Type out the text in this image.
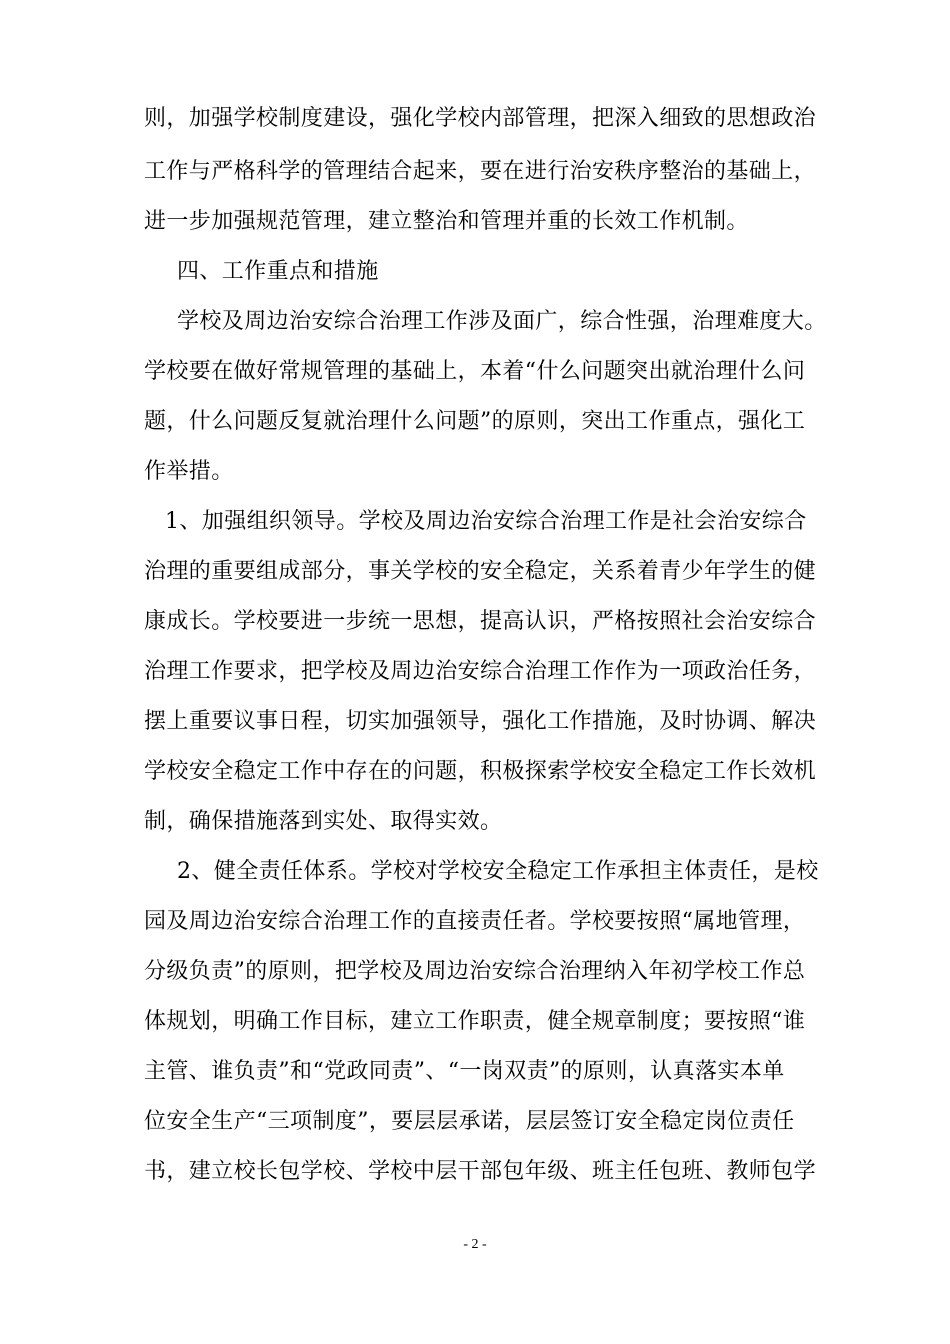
则，加强学校制度建设，强化学校内部管理，把深入细致的思想政治
工作与严格科学的管理结合起来，要在进行治安秩序整治的基础上，
进一步加强规范管理，建立整治和管理并重的长效工作机制。
四、工作重点和措施
学校及周边治安综合治理工作涉及面广，综合性强，治理难度大。
学校要在做好常规管理的基础上，本着“什么问题突出就治理什么问
题，什么问题反复就治理什么问题”的原则，突出工作重点，强化工
作举措。
1、加强组织领导。学校及周边治安综合治理工作是社会治安综合
治理的重要组成部分，事关学校的安全稳定，关系着青少年学生的健
康成长。学校要进一步统一思想，提高认识，严格按照社会治安综合
治理工作要求，把学校及周边治安综合治理工作作为一项政治任务，
摆上重要议事日程，切实加强领导，强化工作措施，及时协调、解决
学校安全稳定工作中存在的问题，积极探索学校安全稳定工作长效机
制，确保措施落到实处、取得实效。
2、健全责任体系。学校对学校安全稳定工作承担主体责任，是校
园及周边治安综合治理工作的直接责任者。学校要按照“属地管理，
分级负责”的原则，把学校及周边治安综合治理纳入年初学校工作总
体规划，明确工作目标，建立工作职责，健全规章制度；要按照“谁
主管、谁负责”和“党政同责”、“一岗双责”的原则，认真落实本单
位安全生产“三项制度”，要层层承诺，层层签订安全稳定岗位责任
书，建立校长包学校、学校中层干部包年级、班主任包班、教师包学
- 2 -
